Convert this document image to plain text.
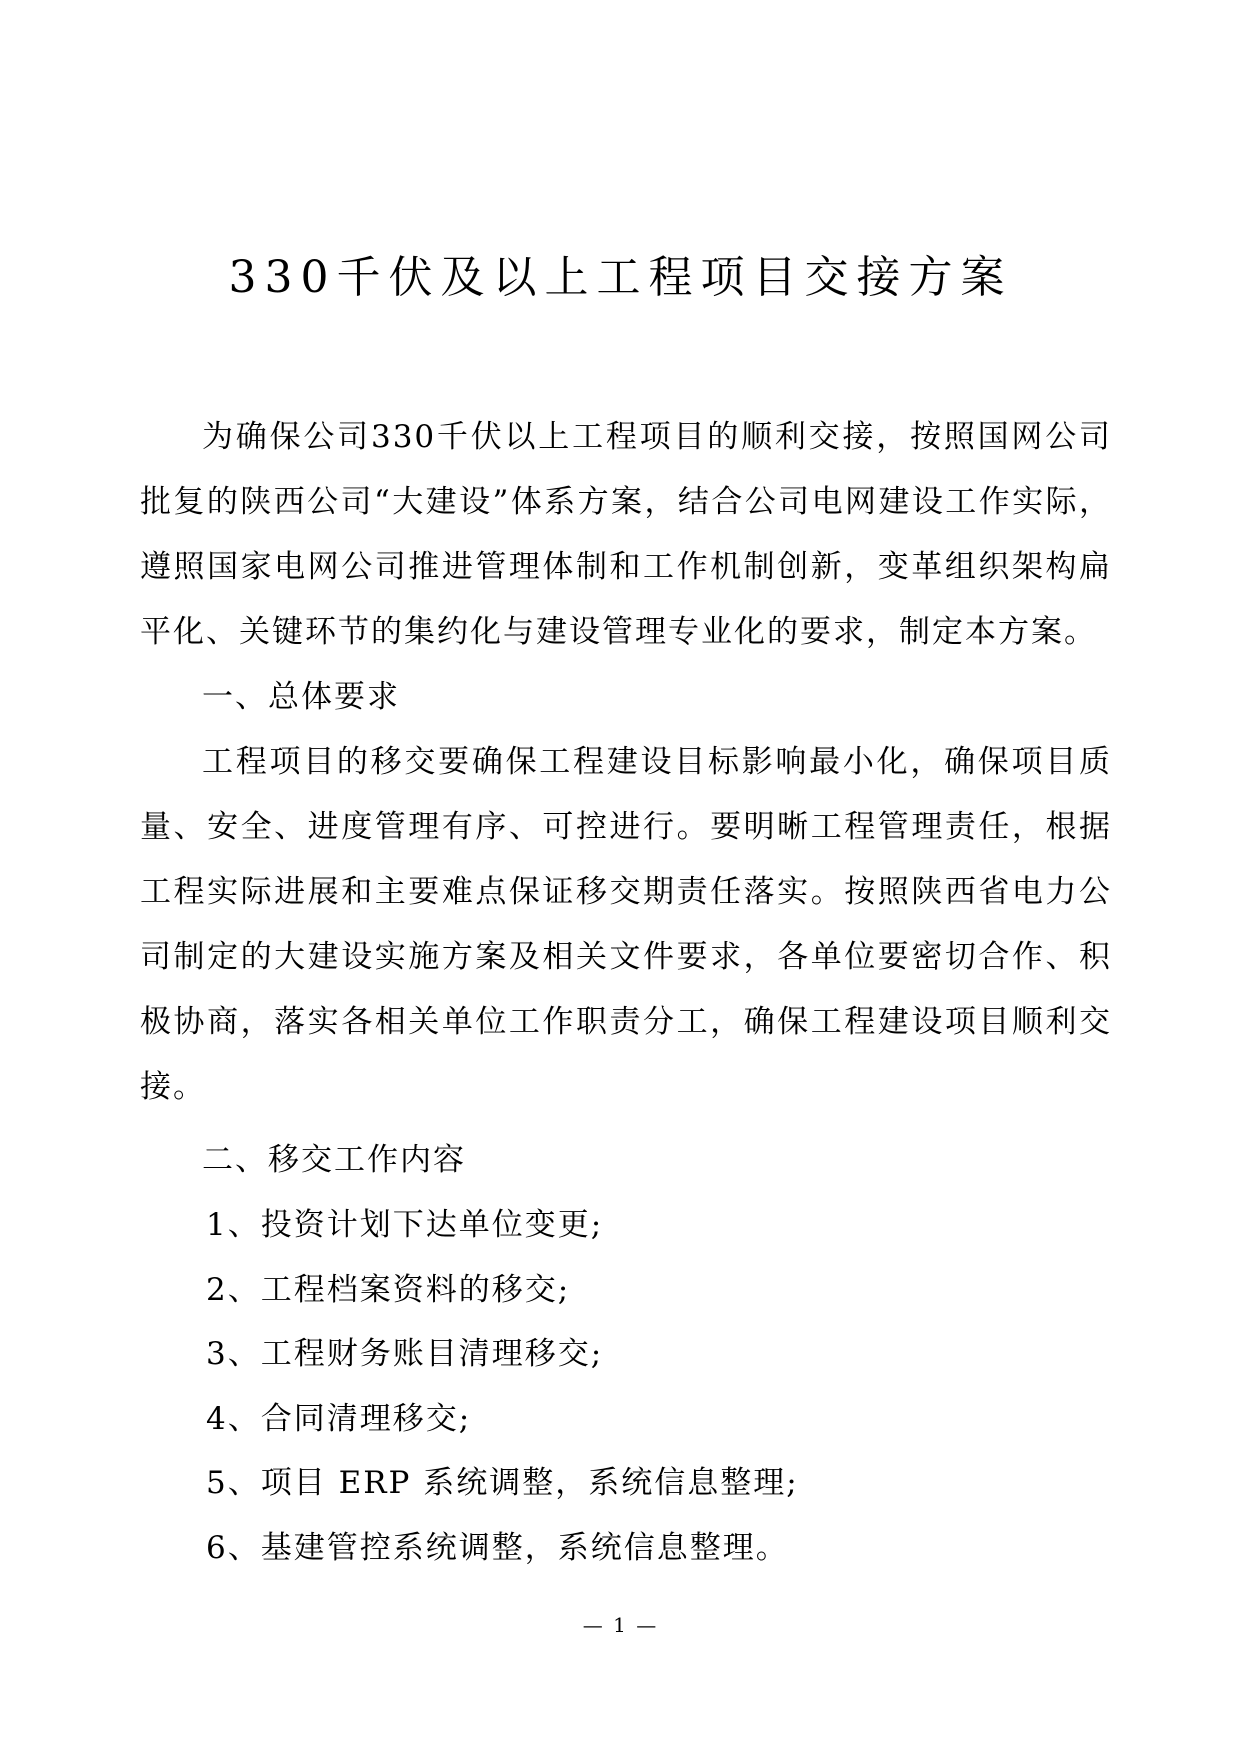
330千伏及以上工程项目交接方案

为确保公司330千伏以上工程项目的顺利交接，按照国网公司批复的陕西公司“大建设”体系方案，结合公司电网建设工作实际，遵照国家电网公司推进管理体制和工作机制创新，变革组织架构扁平化、关键环节的集约化与建设管理专业化的要求，制定本方案。

一、总体要求

工程项目的移交要确保工程建设目标影响最小化，确保项目质量、安全、进度管理有序、可控进行。要明晰工程管理责任，根据工程实际进展和主要难点保证移交期责任落实。按照陕西省电力公司制定的大建设实施方案及相关文件要求，各单位要密切合作、积极协商，落实各相关单位工作职责分工，确保工程建设项目顺利交接。

二、移交工作内容

1、投资计划下达单位变更;

2、工程档案资料的移交;

3、工程财务账目清理移交;

4、合同清理移交;

5、项目 ERP 系统调整，系统信息整理;

6、基建管控系统调整，系统信息整理。

— 1 —
